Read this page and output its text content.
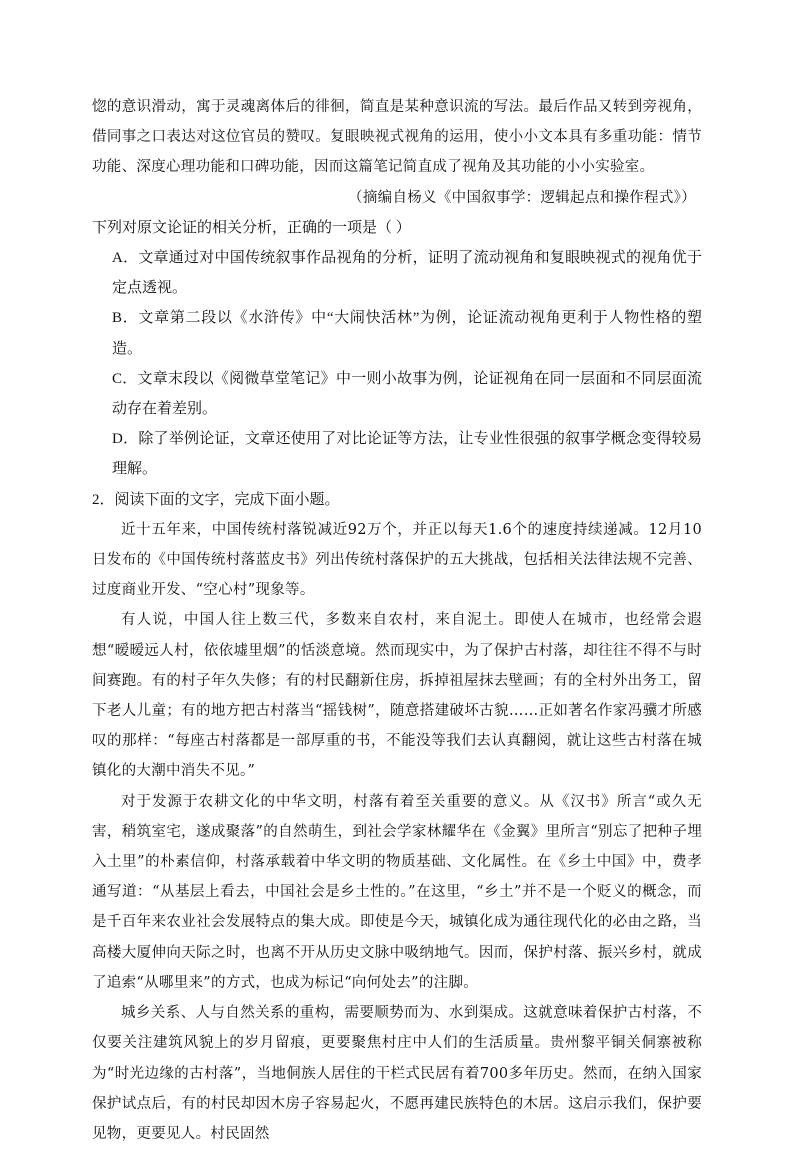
惚的意识滑动，寓于灵魂离体后的徘徊，简直是某种意识流的写法。最后作品又转到旁视角，借同事之口表达对这位官员的赞叹。复眼映视式视角的运用，使小小文本具有多重功能：情节功能、深度心理功能和口碑功能，因而这篇笔记简直成了视角及其功能的小小实验室。

（摘编自杨义《中国叙事学：逻辑起点和操作程式》）

下列对原文论证的相关分析，正确的一项是（ ）

A．文章通过对中国传统叙事作品视角的分析，证明了流动视角和复眼映视式的视角优于定点透视。

B．文章第二段以《水浒传》中“大闹快活林”为例，论证流动视角更利于人物性格的塑造。

C．文章末段以《阅微草堂笔记》中一则小故事为例，论证视角在同一层面和不同层面流动存在着差别。

D．除了举例论证，文章还使用了对比论证等方法，让专业性很强的叙事学概念变得较易理解。

2．阅读下面的文字，完成下面小题。

近十五年来，中国传统村落锐减近92万个，并正以每天1.6个的速度持续递减。12月10日发布的《中国传统村落蓝皮书》列出传统村落保护的五大挑战，包括相关法律法规不完善、过度商业开发、“空心村”现象等。

有人说，中国人往上数三代，多数来自农村，来自泥土。即使人在城市，也经常会遐想“暧暧远人村，依依墟里烟”的恬淡意境。然而现实中，为了保护古村落，却往往不得不与时间赛跑。有的村子年久失修；有的村民翻新住房，拆掉祖屋抹去壁画；有的全村外出务工，留下老人儿童；有的地方把古村落当“摇钱树”，随意搭建破坏古貌……正如著名作家冯骥才所感叹的那样：“每座古村落都是一部厚重的书，不能没等我们去认真翻阅，就让这些古村落在城镇化的大潮中消失不见。”

对于发源于农耕文化的中华文明，村落有着至关重要的意义。从《汉书》所言“或久无害，稍筑室宅，遂成聚落”的自然萌生，到社会学家林耀华在《金翼》里所言“别忘了把种子埋入土里”的朴素信仰，村落承载着中华文明的物质基础、文化属性。在《乡土中国》中，费孝通写道：“从基层上看去，中国社会是乡土性的。”在这里，“乡土”并不是一个贬义的概念，而是千百年来农业社会发展特点的集大成。即使是今天，城镇化成为通往现代化的必由之路，当高楼大厦伸向天际之时，也离不开从历史文脉中吸纳地气。因而，保护村落、振兴乡村，就成了追索“从哪里来”的方式，也成为标记“向何处去”的注脚。

城乡关系、人与自然关系的重构，需要顺势而为、水到渠成。这就意味着保护古村落，不仅要关注建筑风貌上的岁月留痕，更要聚焦村庄中人们的生活质量。贵州黎平铜关侗寨被称为“时光边缘的古村落”，当地侗族人居住的干栏式民居有着700多年历史。然而，在纳入国家保护试点后，有的村民却因木房子容易起火，不愿再建民族特色的木居。这启示我们，保护要见物，更要见人。村民固然
